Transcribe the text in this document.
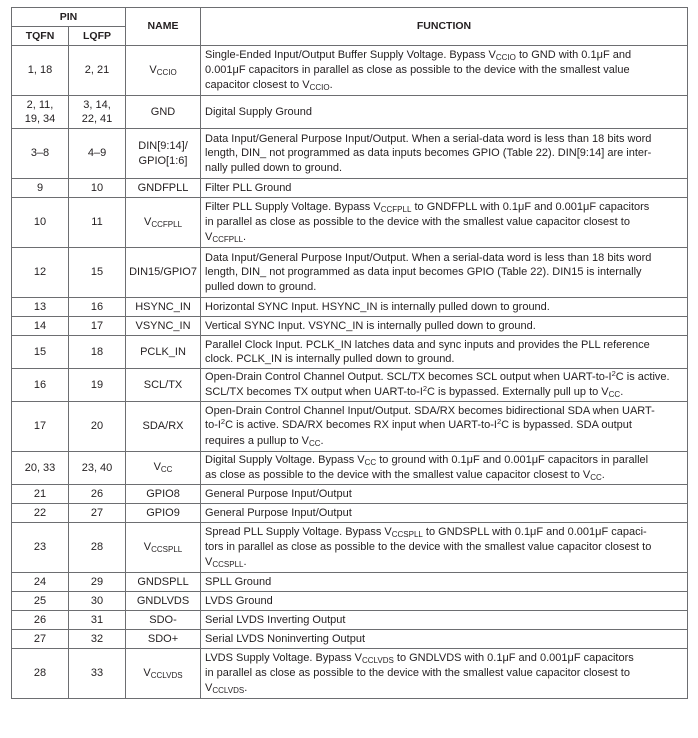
PIN		NAME	FUNCTION
TQFN	LQFP		

1, 18	2, 21	VCCIO	Single-Ended Input/Output Buffer Supply Voltage. Bypass VCCIO to GND with 0.1μF and
0.001μF capacitors in parallel as close as possible to the device with the smallest value
capacitor closest to VCCIO.

2, 11,
19, 34	3, 14,
22, 41	GND	Digital Supply Ground

3–8	4–9	DIN[9:14]/
GPIO[1:6]	Data Input/General Purpose Input/Output. When a serial-data word is less than 18 bits word
length, DIN_ not programmed as data inputs becomes GPIO (Table 22). DIN[9:14] are inter-
nally pulled down to ground.

9	10	GNDFPLL	Filter PLL Ground

10	11	VCCFPLL	Filter PLL Supply Voltage. Bypass VCCFPLL to GNDFPLL with 0.1μF and 0.001μF capacitors
in parallel as close as possible to the device with the smallest value capacitor closest to
VCCFPLL.

12	15	DIN15/GPIO7	Data Input/General Purpose Input/Output. When a serial-data word is less than 18 bits word
length, DIN_ not programmed as data input becomes GPIO (Table 22). DIN15 is internally
pulled down to ground.

13	16	HSYNC_IN	Horizontal SYNC Input. HSYNC_IN is internally pulled down to ground.

14	17	VSYNC_IN	Vertical SYNC Input. VSYNC_IN is internally pulled down to ground.

15	18	PCLK_IN	Parallel Clock Input. PCLK_IN latches data and sync inputs and provides the PLL reference
clock. PCLK_IN is internally pulled down to ground.

16	19	SCL/TX	Open-Drain Control Channel Output. SCL/TX becomes SCL output when UART-$to-I^2C$ is active.
SCL/TX becomes TX output when UART-$to-I^2C$ is bypassed. Externally pull up to VCC.

17	20	SDA/RX	Open-Drain Control Channel Input/Output. SDA/RX becomes bidirectional SDA when UART-
$to-I^2C$ is active. SDA/RX becomes RX input when UART-$to-I^2C$ is bypassed. SDA output
requires a pullup to VCC.

20, 33	23, 40	VCC	Digital Supply Voltage. Bypass VCC to ground with 0.1μF and 0.001μF capacitors in parallel
as close as possible to the device with the smallest value capacitor closest to VCC.

21	26	GPIO8	General Purpose Input/Output

22	27	GPIO9	General Purpose Input/Output

23	28	VCCSPLL	Spread PLL Supply Voltage. Bypass VCCSPLL to GNDSPLL with 0.1μF and 0.001μF capaci-
tors in parallel as close as possible to the device with the smallest value capacitor closest to
VCCSPLL.

24	29	GNDSPLL	SPLL Ground

25	30	GNDLVDS	LVDS Ground

26	31	SDO-	Serial LVDS Inverting Output

27	32	SDO+	Serial LVDS Noninverting Output

28	33	VCCLVDS	LVDS Supply Voltage. Bypass VCCLVDS to GNDLVDS with 0.1μF and 0.001μF capacitors
in parallel as close as possible to the device with the smallest value capacitor closest to
VCCLVDS.
